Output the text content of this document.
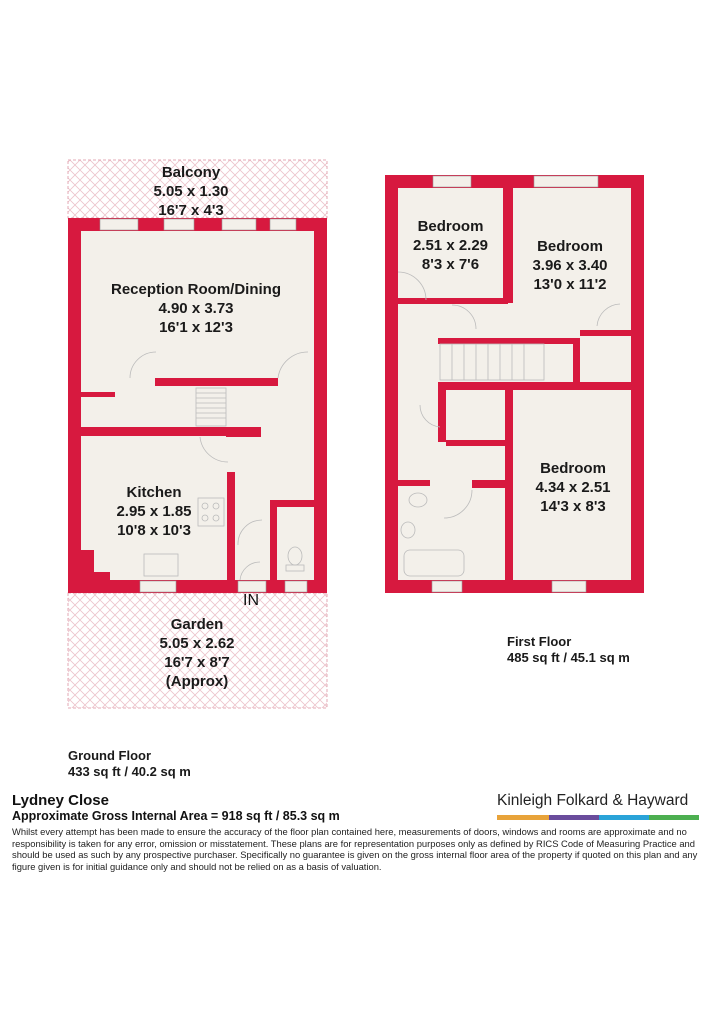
Balcony
5.05 x 1.30
16'7 x 4'3
Reception Room/Dining
4.90 x 3.73
16'1 x 12'3
Kitchen
2.95 x 1.85
10'8 x 10'3
Garden
5.05 x 2.62
16'7 x 8'7
(Approx)
IN
Bedroom
2.51 x 2.29
8'3 x 7'6
Bedroom
3.96 x 3.40
13'0 x 11'2
Bedroom
4.34 x 2.51
14'3 x 8'3
Ground Floor
433 sq ft / 40.2 sq m
First Floor
485 sq ft / 45.1 sq m
Lydney Close
Approximate Gross Internal Area = 918 sq ft / 85.3 sq m
Whilst every attempt has been made to ensure the accuracy of the floor plan contained here, measurements of doors, windows and rooms are approximate and no responsibility is taken for any error, omission or misstatement. These plans are for representation purposes only as defined by RICS Code of Measuring Practice and should be used as such by any prospective purchaser. Specifically no guarantee is given on the gross internal floor area of the property if quoted on this plan and any figure given is for initial guidance only and should not be relied on as a basis of valuation.
Kinleigh Folkard & Hayward
